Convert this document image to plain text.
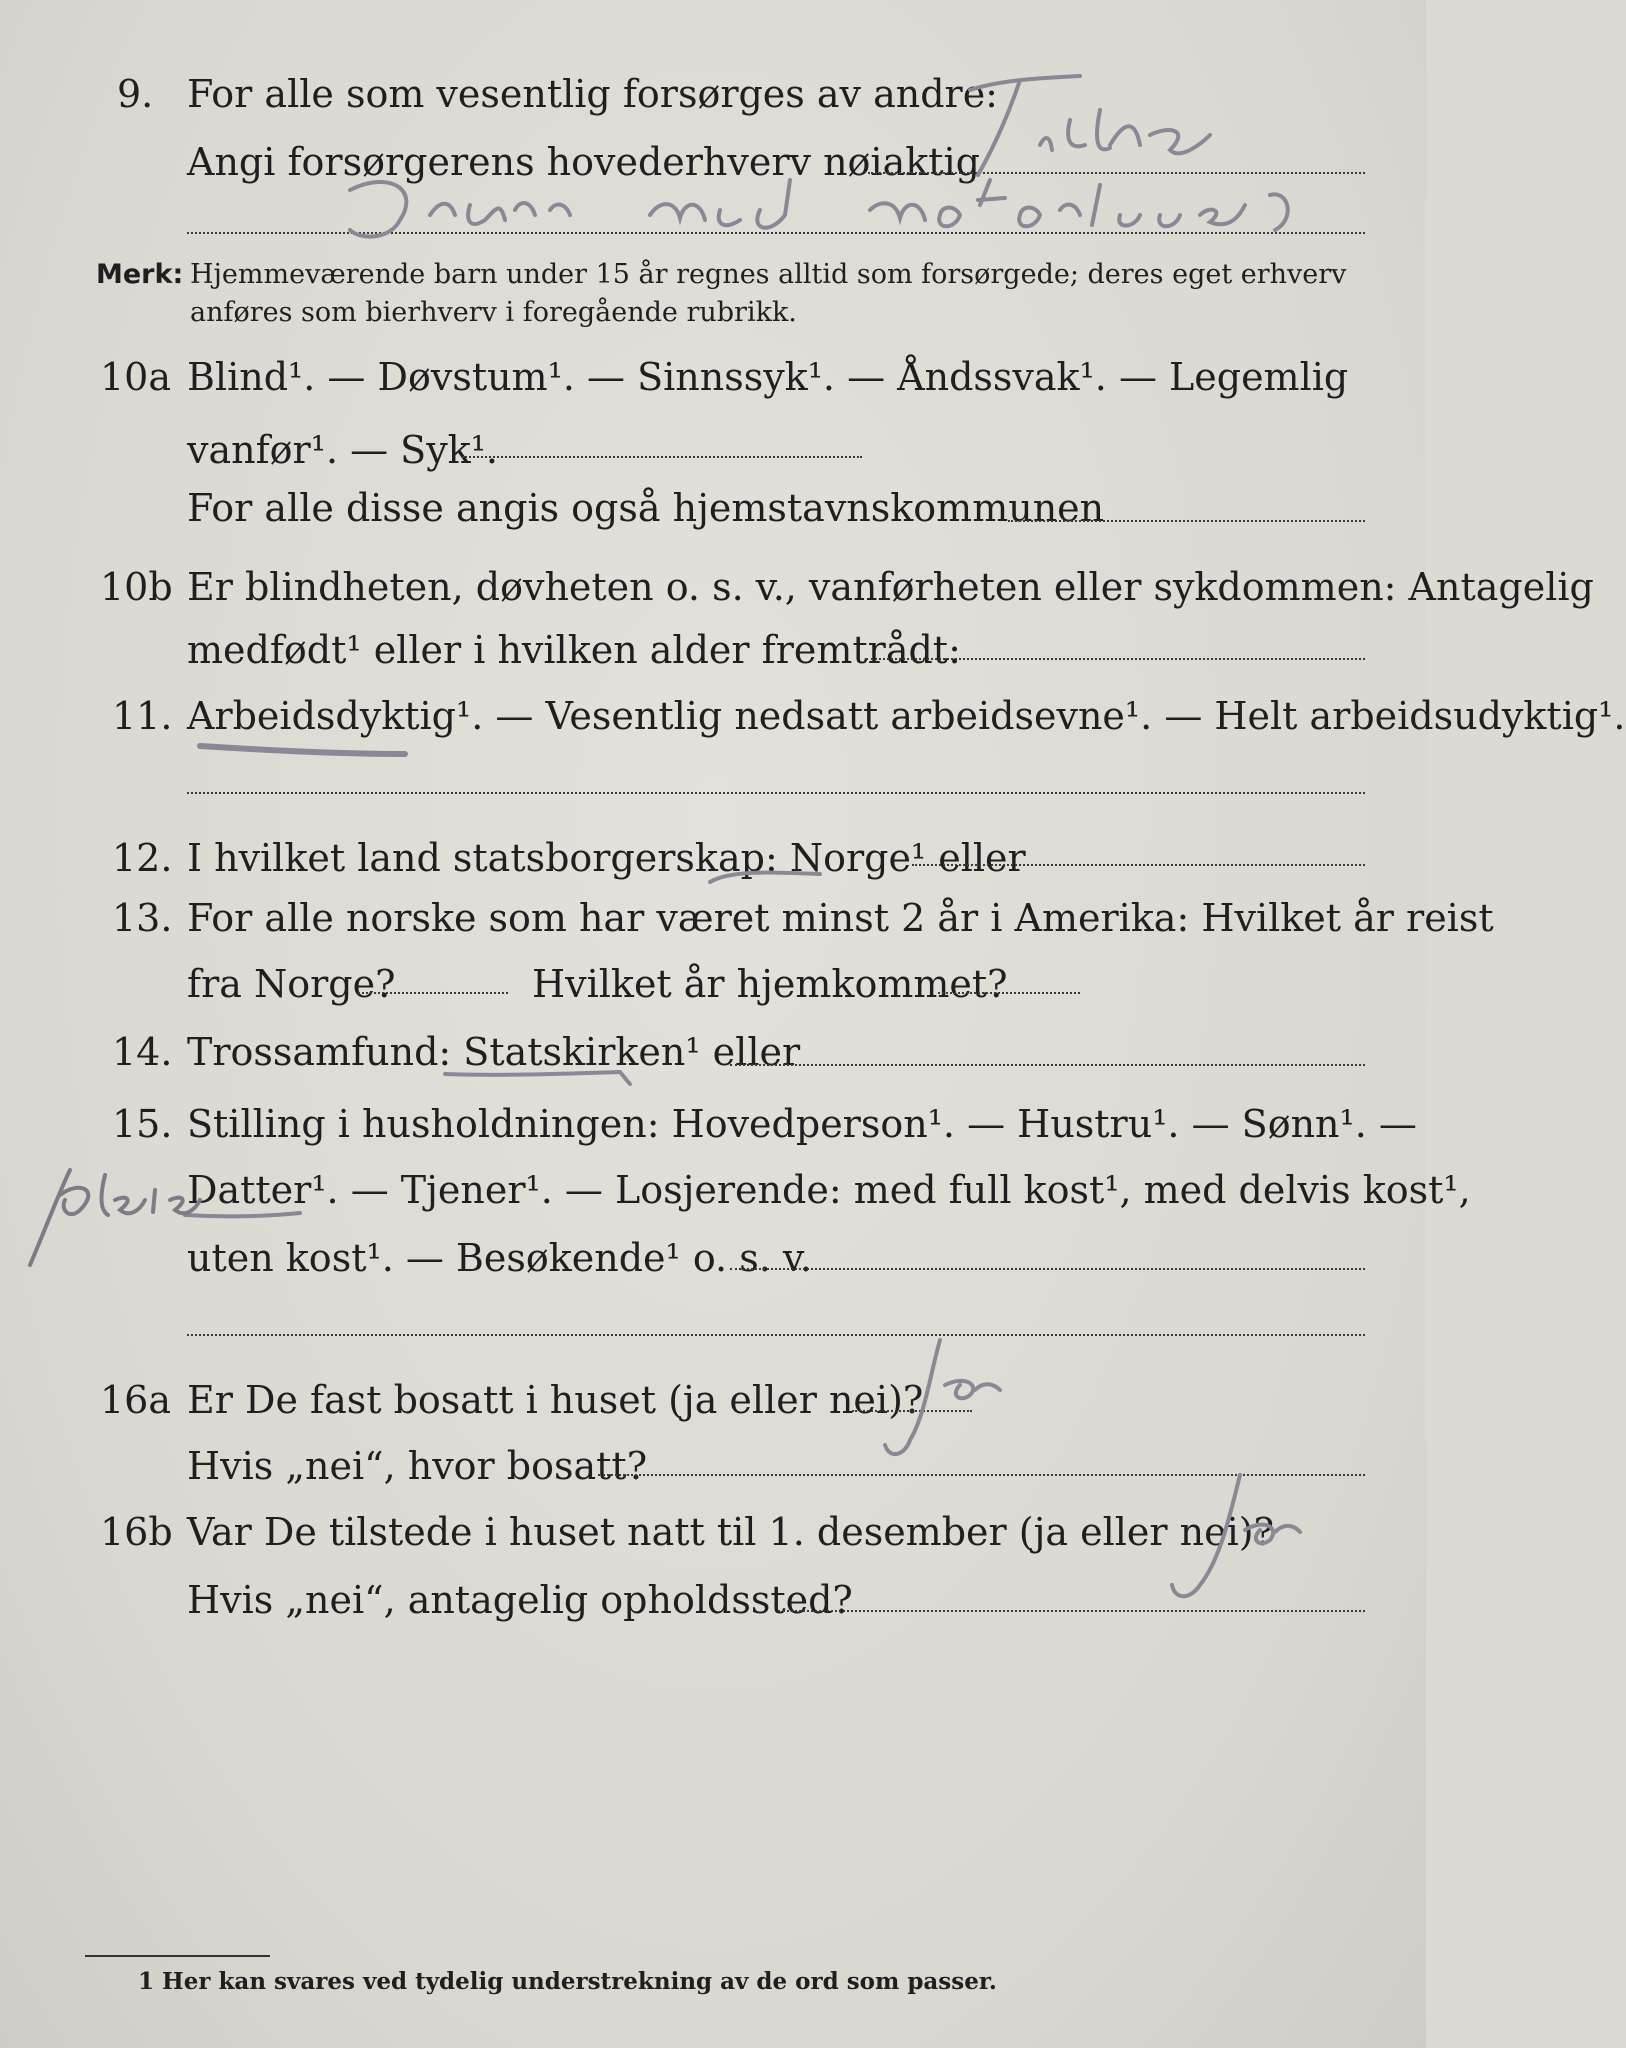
9. For alle som vesentlig forsørges av andre:
Angi forsørgerens hovederhverv nøiaktig
Merk: Hjemmeværende barn under 15 år regnes alltid som forsørgede; deres eget erhverv
anføres som bierhverv i foregående rubrikk.
10a Blind¹. — Døvstum¹. — Sinnssyk¹. — Åndssvak¹. — Legemlig
vanfør¹. — Syk¹.
For alle disse angis også hjemstavnskommunen
10b Er blindheten, døvheten o. s. v., vanførheten eller sykdommen: Antagelig
medfødt¹ eller i hvilken alder fremtrådt:
11. Arbeidsdyktig¹. — Vesentlig nedsatt arbeidsevne¹. — Helt arbeidsudyktig¹.
12. I hvilket land statsborgerskap: Norge¹ eller
13. For alle norske som har været minst 2 år i Amerika: Hvilket år reist
fra Norge?	Hvilket år hjemkommet?
14. Trossamfund: Statskirken¹ eller
15. Stilling i husholdningen: Hovedperson¹. — Hustru¹. — Sønn¹. —
Datter¹. — Tjener¹. — Losjerende: med full kost¹, med delvis kost¹,
uten kost¹. — Besøkende¹ o. s. v.
16a Er De fast bosatt i huset (ja eller nei)?
Hvis „nei“, hvor bosatt?
16b Var De tilstede i huset natt til 1. desember (ja eller nei)?
Hvis „nei“, antagelig opholdssted?
1 Her kan svares ved tydelig understrekning av de ord som passer.
